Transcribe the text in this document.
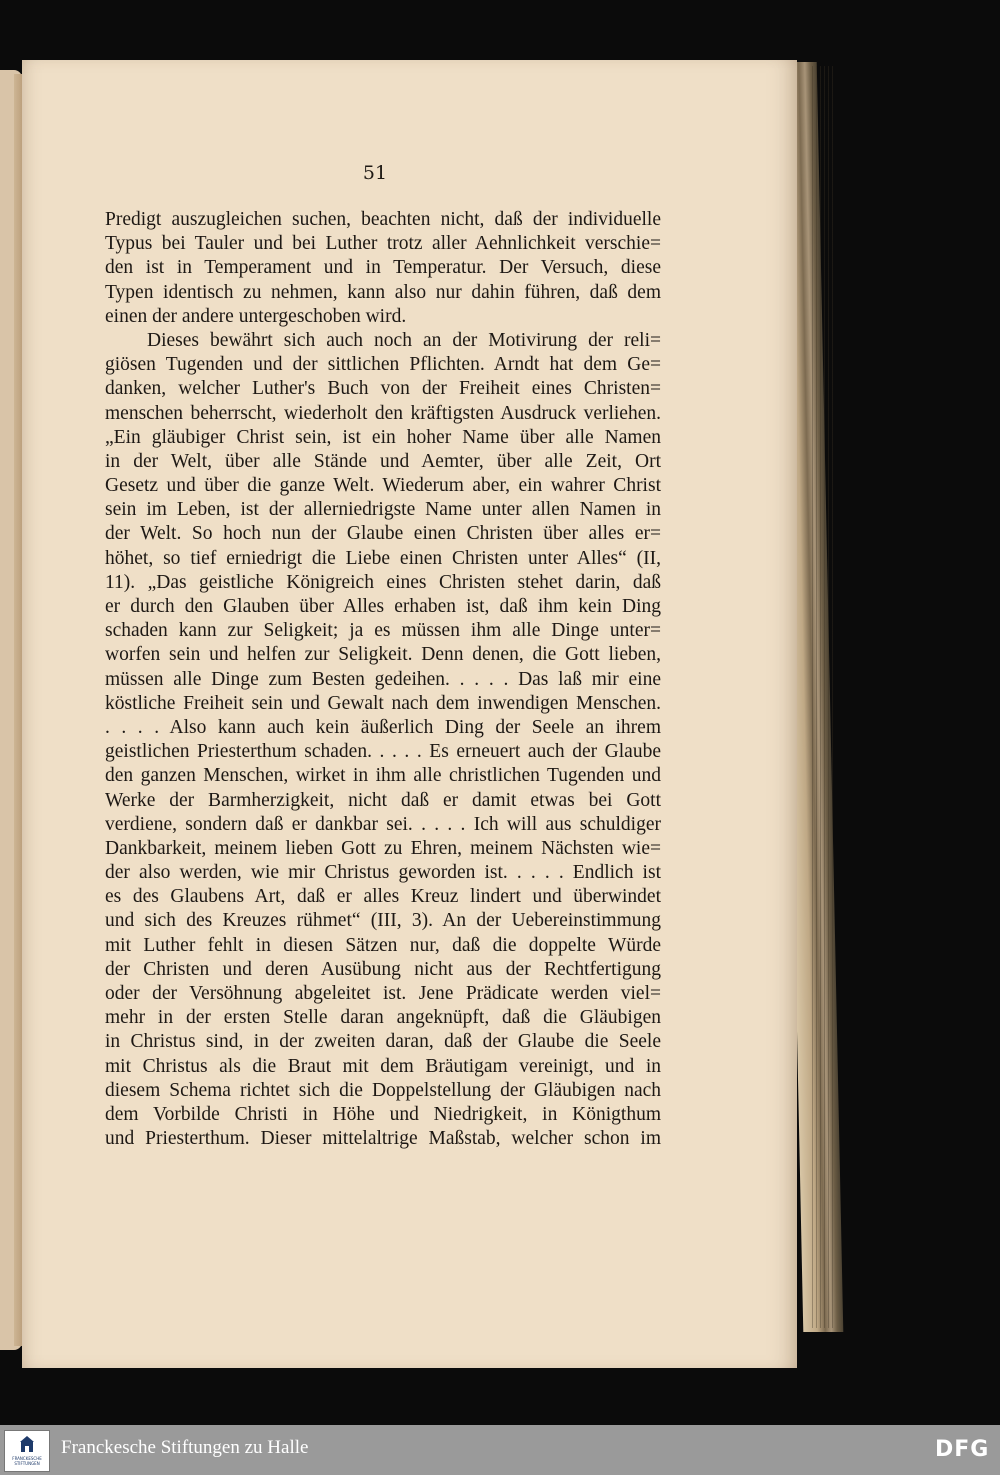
51
Predigt auszugleichen suchen, beachten nicht, daß der individuelle
Typus bei Tauler und bei Luther trotz aller Aehnlichkeit verschie=
den ist in Temperament und in Temperatur. Der Versuch, diese
Typen identisch zu nehmen, kann also nur dahin führen, daß dem
einen der andere untergeschoben wird.
Dieses bewährt sich auch noch an der Motivirung der reli=
giösen Tugenden und der sittlichen Pflichten. Arndt hat dem Ge=
danken, welcher Luther's Buch von der Freiheit eines Christen=
menschen beherrscht, wiederholt den kräftigsten Ausdruck verliehen.
„Ein gläubiger Christ sein, ist ein hoher Name über alle Namen
in der Welt, über alle Stände und Aemter, über alle Zeit, Ort
Gesetz und über die ganze Welt. Wiederum aber, ein wahrer Christ
sein im Leben, ist der allerniedrigste Name unter allen Namen in
der Welt. So hoch nun der Glaube einen Christen über alles er=
höhet, so tief erniedrigt die Liebe einen Christen unter Alles“ (II,
11). „Das geistliche Königreich eines Christen stehet darin, daß
er durch den Glauben über Alles erhaben ist, daß ihm kein Ding
schaden kann zur Seligkeit; ja es müssen ihm alle Dinge unter=
worfen sein und helfen zur Seligkeit. Denn denen, die Gott lieben,
müssen alle Dinge zum Besten gedeihen. . . . . Das laß mir eine
köstliche Freiheit sein und Gewalt nach dem inwendigen Menschen.
. . . . Also kann auch kein äußerlich Ding der Seele an ihrem
geistlichen Priesterthum schaden. . . . . Es erneuert auch der Glaube
den ganzen Menschen, wirket in ihm alle christlichen Tugenden und
Werke der Barmherzigkeit, nicht daß er damit etwas bei Gott
verdiene, sondern daß er dankbar sei. . . . . Ich will aus schuldiger
Dankbarkeit, meinem lieben Gott zu Ehren, meinem Nächsten wie=
der also werden, wie mir Christus geworden ist. . . . . Endlich ist
es des Glaubens Art, daß er alles Kreuz lindert und überwindet
und sich des Kreuzes rühmet“ (III, 3). An der Uebereinstimmung
mit Luther fehlt in diesen Sätzen nur, daß die doppelte Würde
der Christen und deren Ausübung nicht aus der Rechtfertigung
oder der Versöhnung abgeleitet ist. Jene Prädicate werden viel=
mehr in der ersten Stelle daran angeknüpft, daß die Gläubigen
in Christus sind, in der zweiten daran, daß der Glaube die Seele
mit Christus als die Braut mit dem Bräutigam vereinigt, und in
diesem Schema richtet sich die Doppelstellung der Gläubigen nach
dem Vorbilde Christi in Höhe und Niedrigkeit, in Königthum
und Priesterthum. Dieser mittelaltrige Maßstab, welcher schon im
FRANCKESCHE
STIFTUNGEN
Franckesche Stiftungen zu Halle	DFG
